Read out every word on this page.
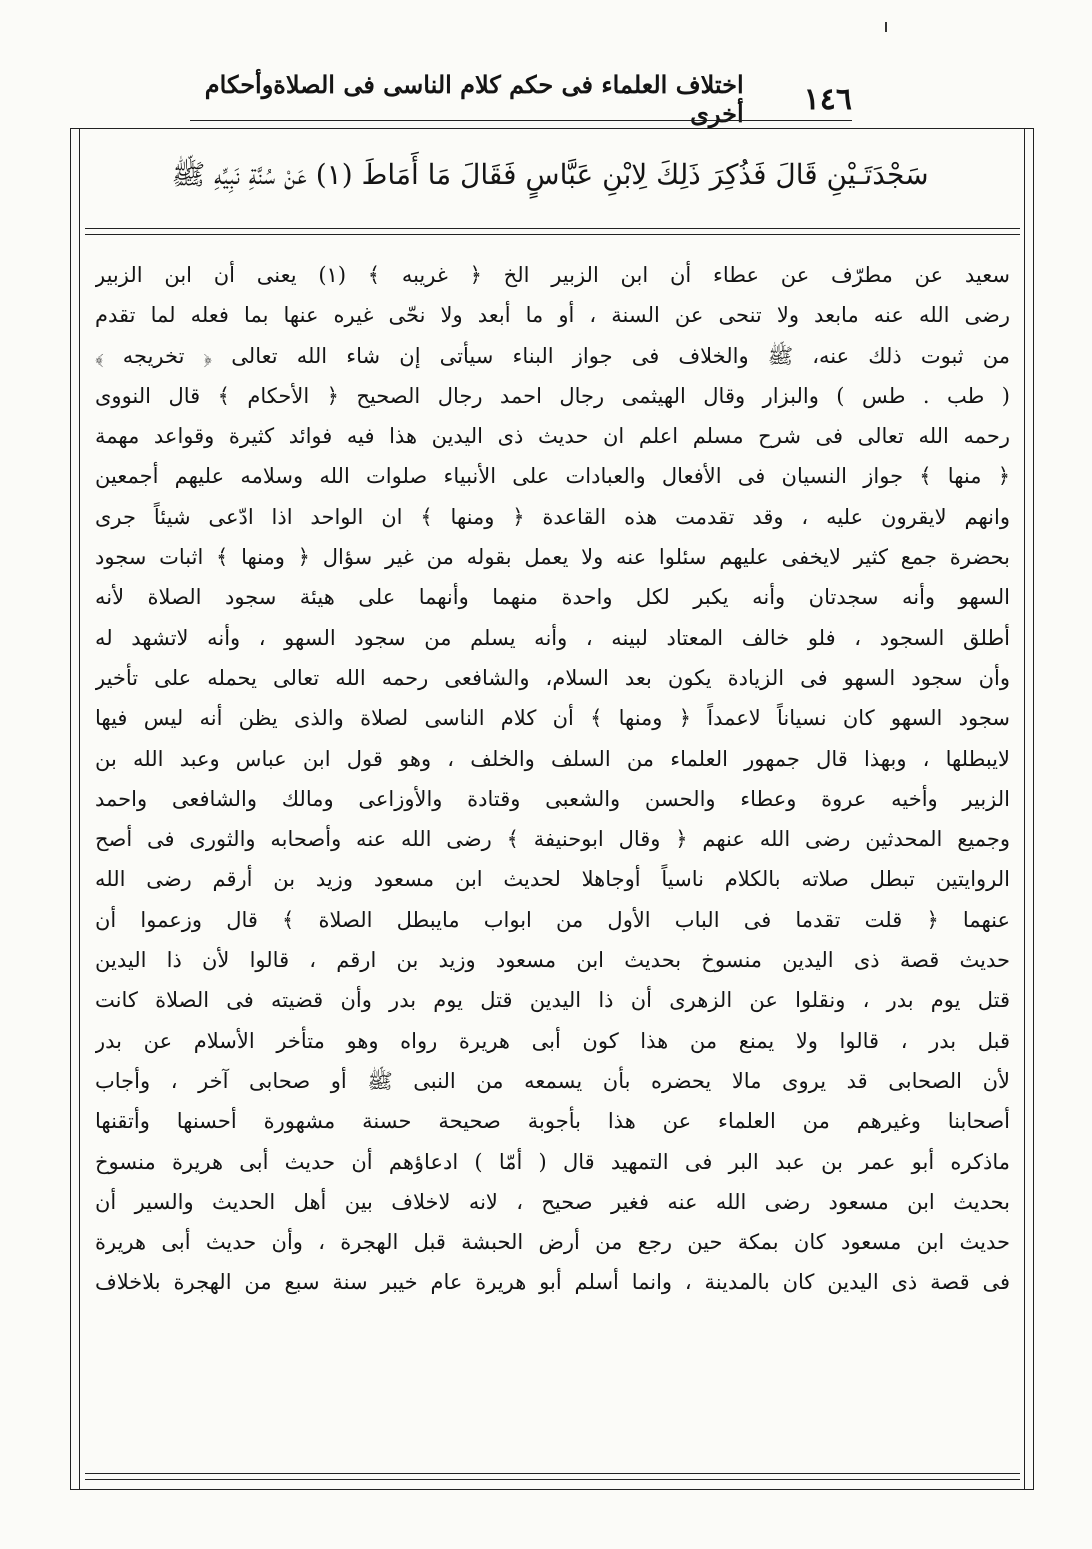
١٤٦
اختلاف العلماء فى حكم كلام الناسى فى الصلاةوأحكام أخرى
سَجْدَتَـيْنِ قَالَ فَذُكِرَ ذَلِكَ لِابْنِ عَبَّاسٍ فَقَالَ مَا أَمَاطَ (١) عَنْ سُنَّةِ نَبِيِّهِ ﷺ
سعيد عن مطرّف عن عطاء أن ابن الزبير الخ ﴿ غريبه ﴾ (١) يعنى أن ابن الزبير
رضى الله عنه مابعد ولا تنحى عن السنة ، أو ما أبعد ولا نحّى غيره عنها بما فعله لما تقدم
من ثبوت ذلك عنه، ﷺ والخلاف فى جواز البناء سيأتى إن شاء الله تعالى ﴿ تخريجه ﴾
( طب . طس ) والبزار وقال الهيثمى رجال احمد رجال الصحيح ﴿ الأحكام ﴾ قال النووى
رحمه الله تعالى فى شرح مسلم اعلم ان حديث ذى اليدين هذا فيه فوائد كثيرة وقواعد مهمة
﴿ منها ﴾ جواز النسيان فى الأفعال والعبادات على الأنبياء صلوات الله وسلامه عليهم أجمعين
وانهم لايقرون عليه ، وقد تقدمت هذه القاعدة ﴿ ومنها ﴾ ان الواحد اذا ادّعى شيئاً جرى
بحضرة جمع كثير لايخفى عليهم سئلوا عنه ولا يعمل بقوله من غير سؤال ﴿ ومنها ﴾ اثبات سجود
السهو وأنه سجدتان وأنه يكبر لكل واحدة منهما وأنهما على هيئة سجود الصلاة لأنه
أطلق السجود ، فلو خالف المعتاد لبينه ، وأنه يسلم من سجود السهو ، وأنه لاتشهد له
وأن سجود السهو فى الزيادة يكون بعد السلام، والشافعى رحمه الله تعالى يحمله على تأخير
سجود السهو كان نسياناً لاعمداً ﴿ ومنها ﴾ أن كلام الناسى لصلاة والذى يظن أنه ليس فيها
لايبطلها ، وبهذا قال جمهور العلماء من السلف والخلف ، وهو قول ابن عباس وعبد الله بن
الزبير وأخيه عروة وعطاء والحسن والشعبى وقتادة والأوزاعى ومالك والشافعى واحمد
وجميع المحدثين رضى الله عنهم ﴿ وقال ابوحنيفة ﴾ رضى الله عنه وأصحابه والثورى فى أصح
الروايتين تبطل صلاته بالكلام ناسياً أوجاهلا لحديث ابن مسعود وزيد بن أرقم رضى الله
عنهما ﴿ قلت تقدما فى الباب الأول من ابواب مايبطل الصلاة ﴾ قال وزعموا أن
حديث قصة ذى اليدين منسوخ بحديث ابن مسعود وزيد بن ارقم ، قالوا لأن ذا اليدين
قتل يوم بدر ، ونقلوا عن الزهرى أن ذا اليدين قتل يوم بدر وأن قضيته فى الصلاة كانت
قبل بدر ، قالوا ولا يمنع من هذا كون أبى هريرة رواه وهو متأخر الأسلام عن بدر
لأن الصحابى قد يروى مالا يحضره بأن يسمعه من النبى ﷺ أو صحابى آخر ، وأجاب
أصحابنا وغيرهم من العلماء عن هذا بأجوبة صحيحة حسنة مشهورة أحسنها وأتقنها
ماذكره أبو عمر بن عبد البر فى التمهيد قال ( أمّا ) ادعاؤهم أن حديث أبى هريرة منسوخ
بحديث ابن مسعود رضى الله عنه فغير صحيح ، لانه لاخلاف بين أهل الحديث والسير أن
حديث ابن مسعود كان بمكة حين رجع من أرض الحبشة قبل الهجرة ، وأن حديث أبى هريرة
فى قصة ذى اليدين كان بالمدينة ، وانما أسلم أبو هريرة عام خيبر سنة سبع من الهجرة بلاخلاف
